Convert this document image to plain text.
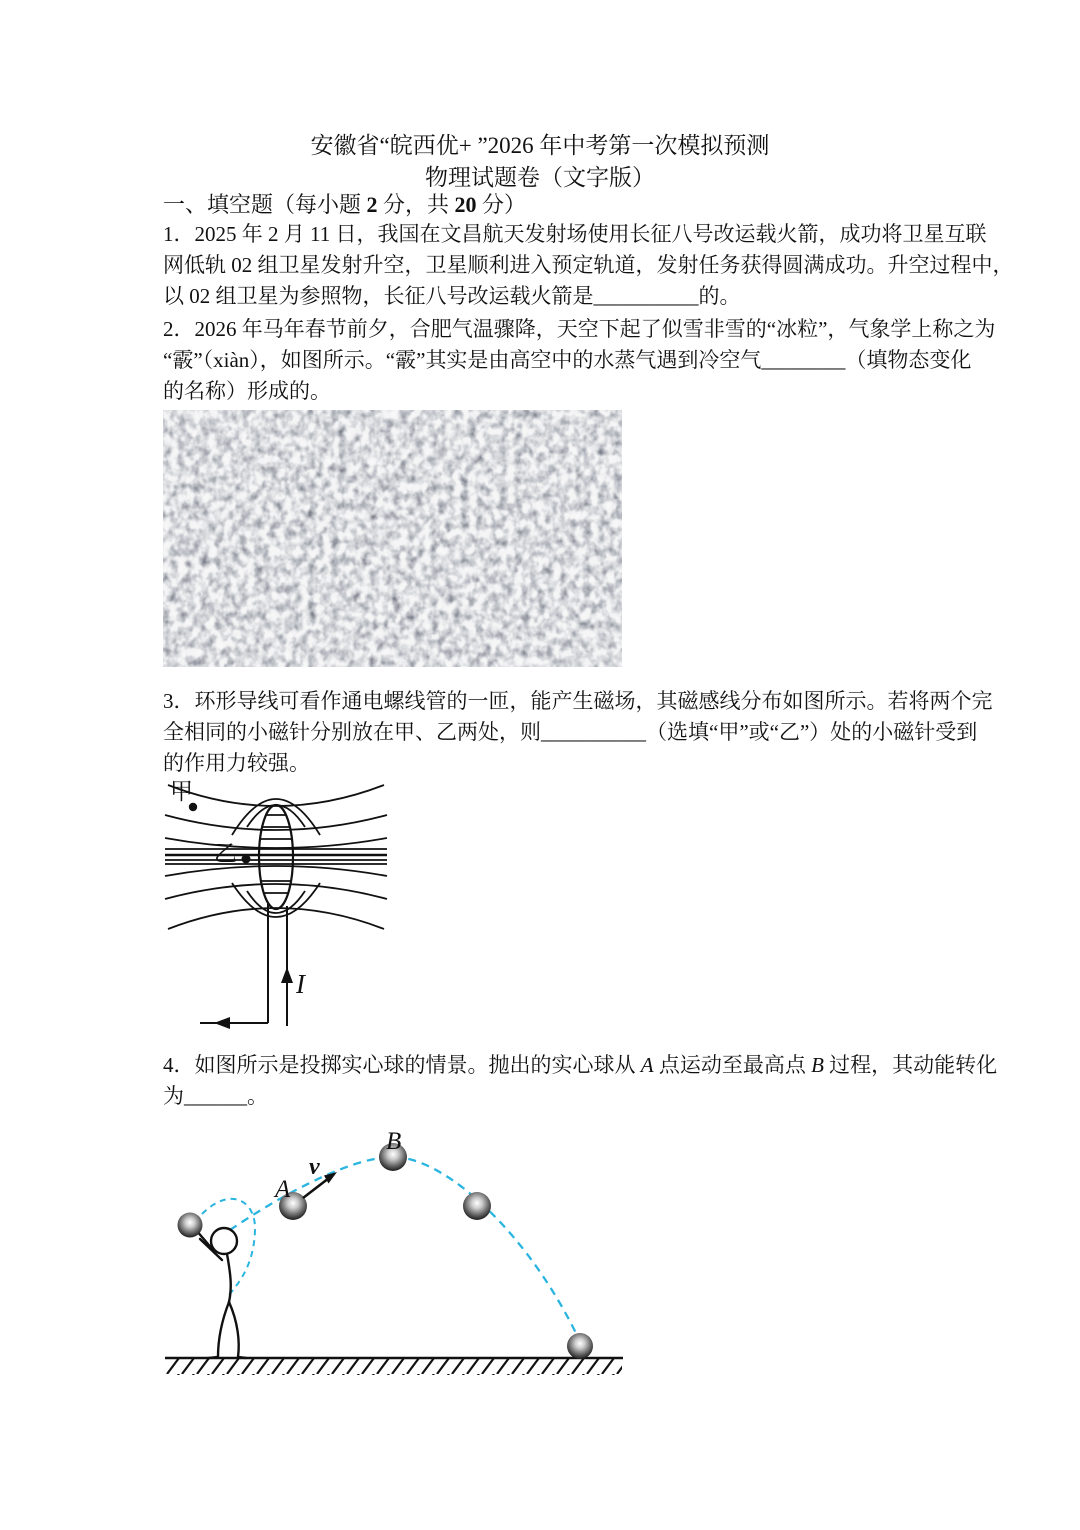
安徽省“皖西优+ ”2026 年中考第一次模拟预测
物理试题卷（文字版）
一、填空题（每小题 2 分，共 20 分）
1．2025 年 2 月 11 日，我国在文昌航天发射场使用长征八号改运载火箭，成功将卫星互联
网低轨 02 组卫星发射升空，卫星顺利进入预定轨道，发射任务获得圆满成功。升空过程中，
以 02 组卫星为参照物，长征八号改运载火箭是__________的。
2．2026 年马年春节前夕，合肥气温骤降，天空下起了似雪非雪的“冰粒”，气象学上称之为
“霰”（xiàn），如图所示。“霰”其实是由高空中的水蒸气遇到冷空气________（填物态变化
的名称）形成的。
3．环形导线可看作通电螺线管的一匝，能产生磁场，其磁感线分布如图所示。若将两个完
全相同的小磁针分别放在甲、乙两处，则__________（选填“甲”或“乙”）处的小磁针受到
的作用力较强。
甲
乙
I
4．如图所示是投掷实心球的情景。抛出的实心球从 A 点运动至最高点 B 过程，其动能转化
为______。
A
B
v
